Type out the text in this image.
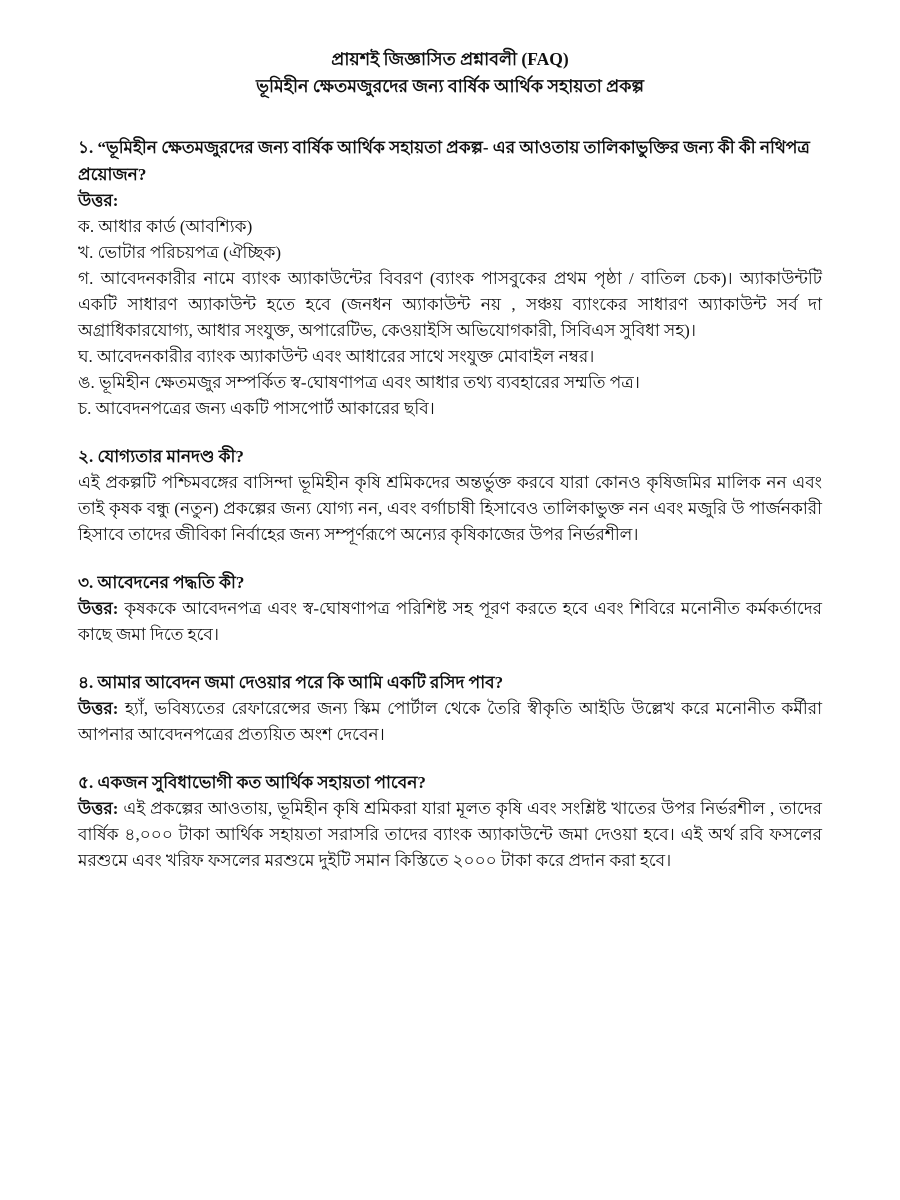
প্রায়শই জিজ্ঞাসিত প্রশ্নাবলী (FAQ)
ভূমিহীন ক্ষেতমজুরদের জন্য বার্ষিক আর্থিক সহায়তা প্রকল্প

১. “ভূমিহীন ক্ষেতমজুরদের জন্য বার্ষিক আর্থিক সহায়তা প্রকল্প- এর আওতায় তালিকাভুক্তির জন্য কী কী নথিপত্র প্রয়োজন?

উত্তর:

ক. আধার কার্ড (আবশ্যিক)

খ. ভোটার পরিচয়পত্র (ঐচ্ছিক)

গ. আবেদনকারীর নামে ব্যাংক অ্যাকাউন্টের বিবরণ (ব্যাংক পাসবুকের প্রথম পৃষ্ঠা / বাতিল চেক)। অ্যাকাউন্টটি একটি সাধারণ অ্যাকাউন্ট হতে হবে (জনধন অ্যাকাউন্ট নয় , সঞ্চয় ব্যাংকের সাধারণ অ্যাকাউন্ট সর্ব দা অগ্রাধিকারযোগ্য, আধার সংযুক্ত, অপারেটিভ, কেওয়াইসি অভিযোগকারী, সিবিএস সুবিধা সহ)।

ঘ. আবেদনকারীর ব্যাংক অ্যাকাউন্ট এবং আধারের সাথে সংযুক্ত মোবাইল নম্বর।

ঙ. ভূমিহীন ক্ষেতমজুর সম্পর্কিত স্ব-ঘোষণাপত্র এবং আধার তথ্য ব্যবহারের সম্মতি পত্র।

চ. আবেদনপত্রের জন্য একটি পাসপোর্ট আকারের ছবি।

২. যোগ্যতার মানদণ্ড কী?

এই প্রকল্পটি পশ্চিমবঙ্গের বাসিন্দা ভূমিহীন কৃষি শ্রমিকদের অন্তর্ভুক্ত করবে যারা কোনও কৃষিজমির মালিক নন এবং তাই কৃষক বন্ধু (নতুন) প্রকল্পের জন্য যোগ্য নন, এবং বর্গাচাষী হিসাবেও তালিকাভুক্ত নন এবং মজুরি উ পার্জনকারী হিসাবে তাদের জীবিকা নির্বাহের জন্য সম্পূর্ণরূপে অন্যের কৃষিকাজের উপর নির্ভরশীল।

৩. আবেদনের পদ্ধতি কী?

উত্তর: কৃষককে আবেদনপত্র এবং স্ব-ঘোষণাপত্র পরিশিষ্ট সহ পূরণ করতে হবে এবং শিবিরে মনোনীত কর্মকর্তাদের কাছে জমা দিতে হবে।

৪. আমার আবেদন জমা দেওয়ার পরে কি আমি একটি রসিদ পাব?

উত্তর: হ্যাঁ, ভবিষ্যতের রেফারেন্সের জন্য স্কিম পোর্টাল থেকে তৈরি স্বীকৃতি আইডি উল্লেখ করে মনোনীত কর্মীরা আপনার আবেদনপত্রের প্রত্যয়িত অংশ দেবেন।

৫. একজন সুবিধাভোগী কত আর্থিক সহায়তা পাবেন?

উত্তর: এই প্রকল্পের আওতায়, ভূমিহীন কৃষি শ্রমিকরা যারা মূলত কৃষি এবং সংশ্লিষ্ট খাতের উপর নির্ভরশীল , তাদের বার্ষিক ৪,০০০ টাকা আর্থিক সহায়তা সরাসরি তাদের ব্যাংক অ্যাকাউন্টে জমা দেওয়া হবে। এই অর্থ রবি ফসলের মরশুমে এবং খরিফ ফসলের মরশুমে দুইটি সমান কিস্তিতে ২০০০ টাকা করে প্রদান করা হবে।
